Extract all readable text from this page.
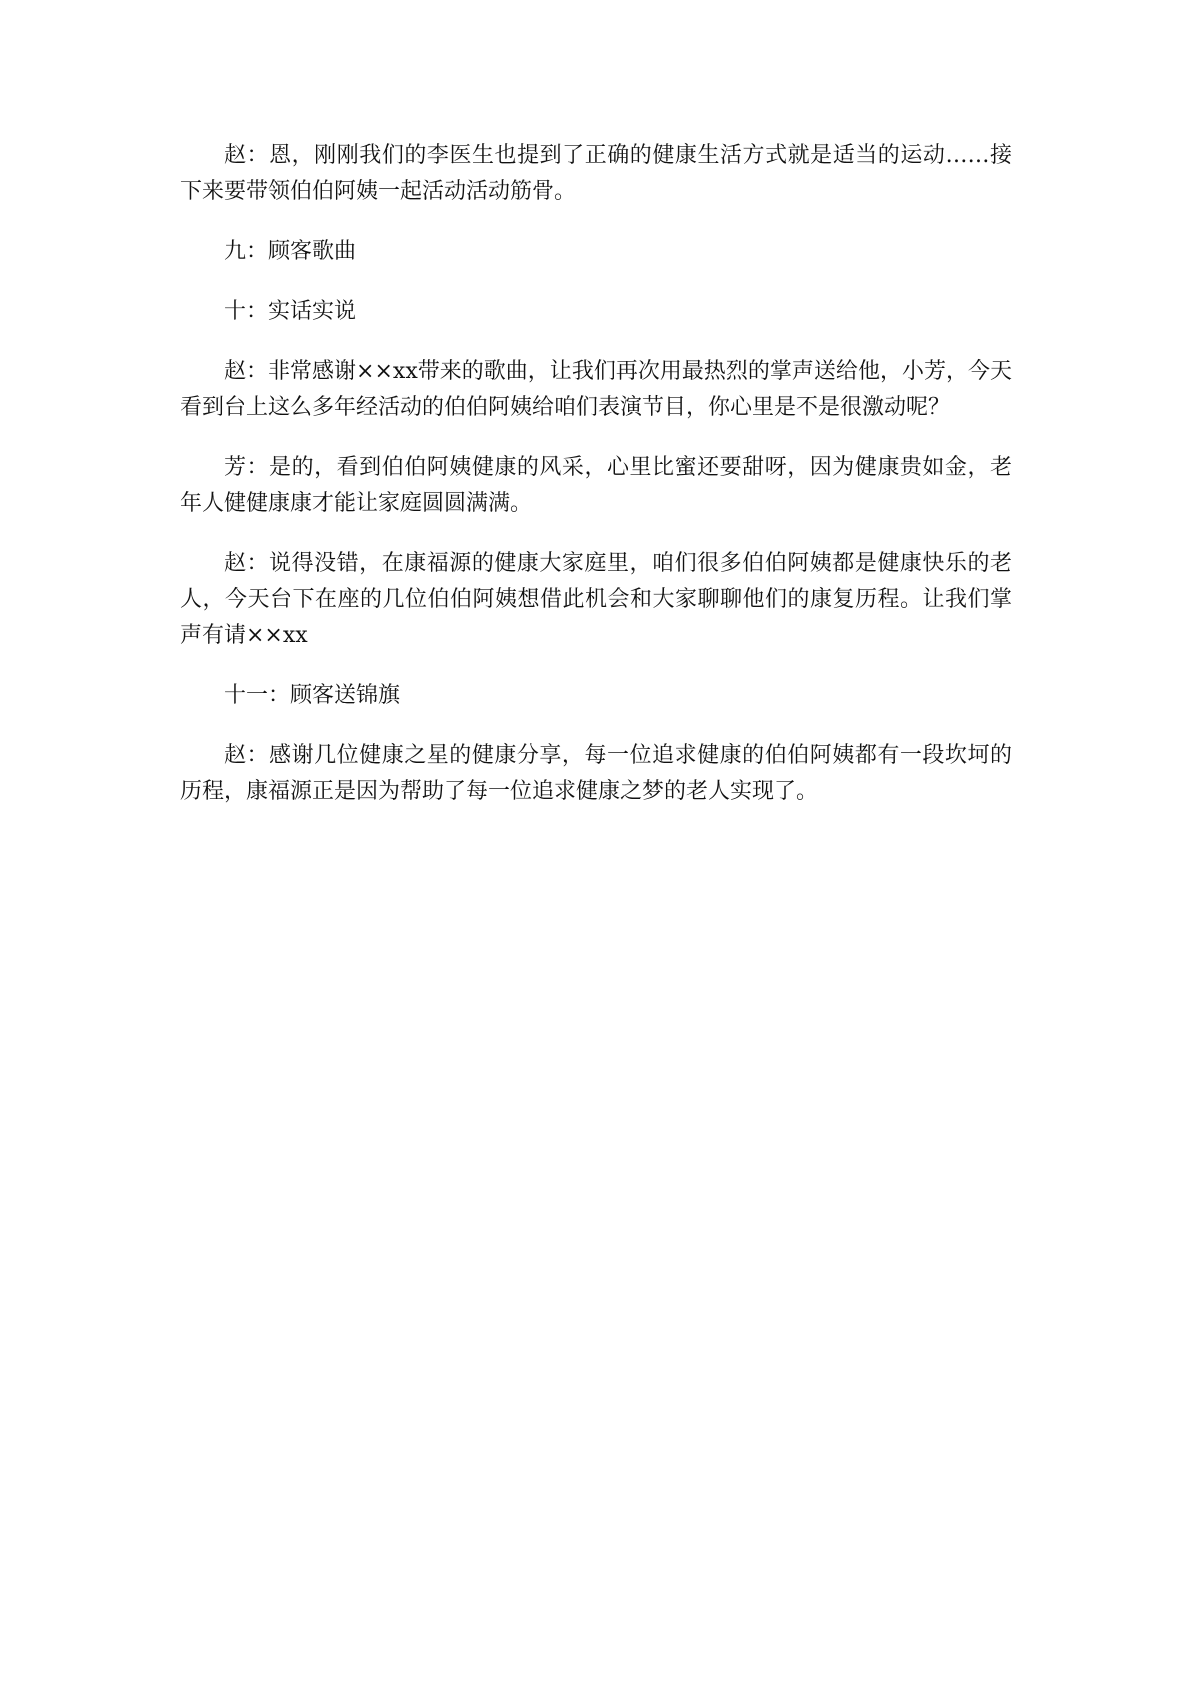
赵：恩，刚刚我们的李医生也提到了正确的健康生活方式就是适当的运动……接下来要带领伯伯阿姨一起活动活动筋骨。

九：顾客歌曲

十：实话实说

赵：非常感谢××xx带来的歌曲，让我们再次用最热烈的掌声送给他，小芳，今天看到台上这么多年经活动的伯伯阿姨给咱们表演节目，你心里是不是很激动呢？

芳：是的，看到伯伯阿姨健康的风采，心里比蜜还要甜呀，因为健康贵如金，老年人健健康康才能让家庭圆圆满满。

赵：说得没错，在康福源的健康大家庭里，咱们很多伯伯阿姨都是健康快乐的老人，今天台下在座的几位伯伯阿姨想借此机会和大家聊聊他们的康复历程。让我们掌声有请××xx

十一：顾客送锦旗

赵：感谢几位健康之星的健康分享，每一位追求健康的伯伯阿姨都有一段坎坷的历程，康福源正是因为帮助了每一位追求健康之梦的老人实现了。
